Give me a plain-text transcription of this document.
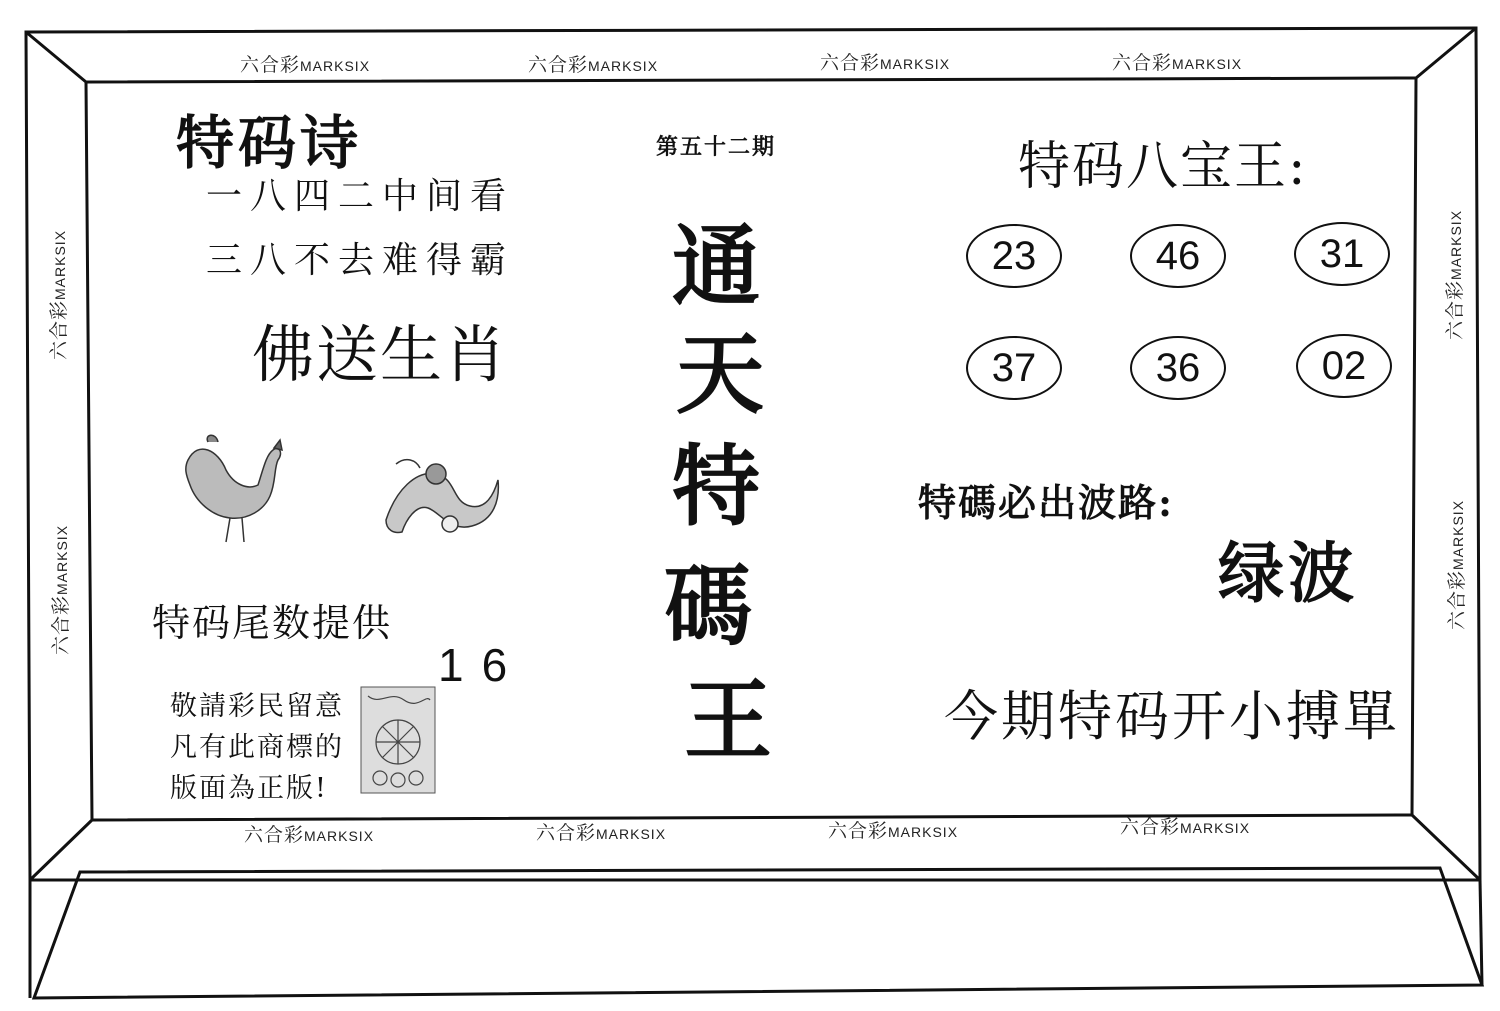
六合彩MARKSIX	六合彩MARKSIX	六合彩MARKSIX	六合彩MARKSIX
六合彩MARKSIX	六合彩MARKSIX	六合彩MARKSIX	六合彩MARKSIX
六合彩MARKSIX
六合彩MARKSIX
六合彩MARKSIX
六合彩MARKSIX
特码诗
一八四二中间看
三八不去难得霸
佛送生肖
特码尾数提供
16
敬請彩民留意
凡有此商標的
版面為正版!
第五十二期
通
天
特
碼
王
特码八宝王:
23	46	31
37	36	02
特碼必出波路:
绿波
今期特码开小搏單
